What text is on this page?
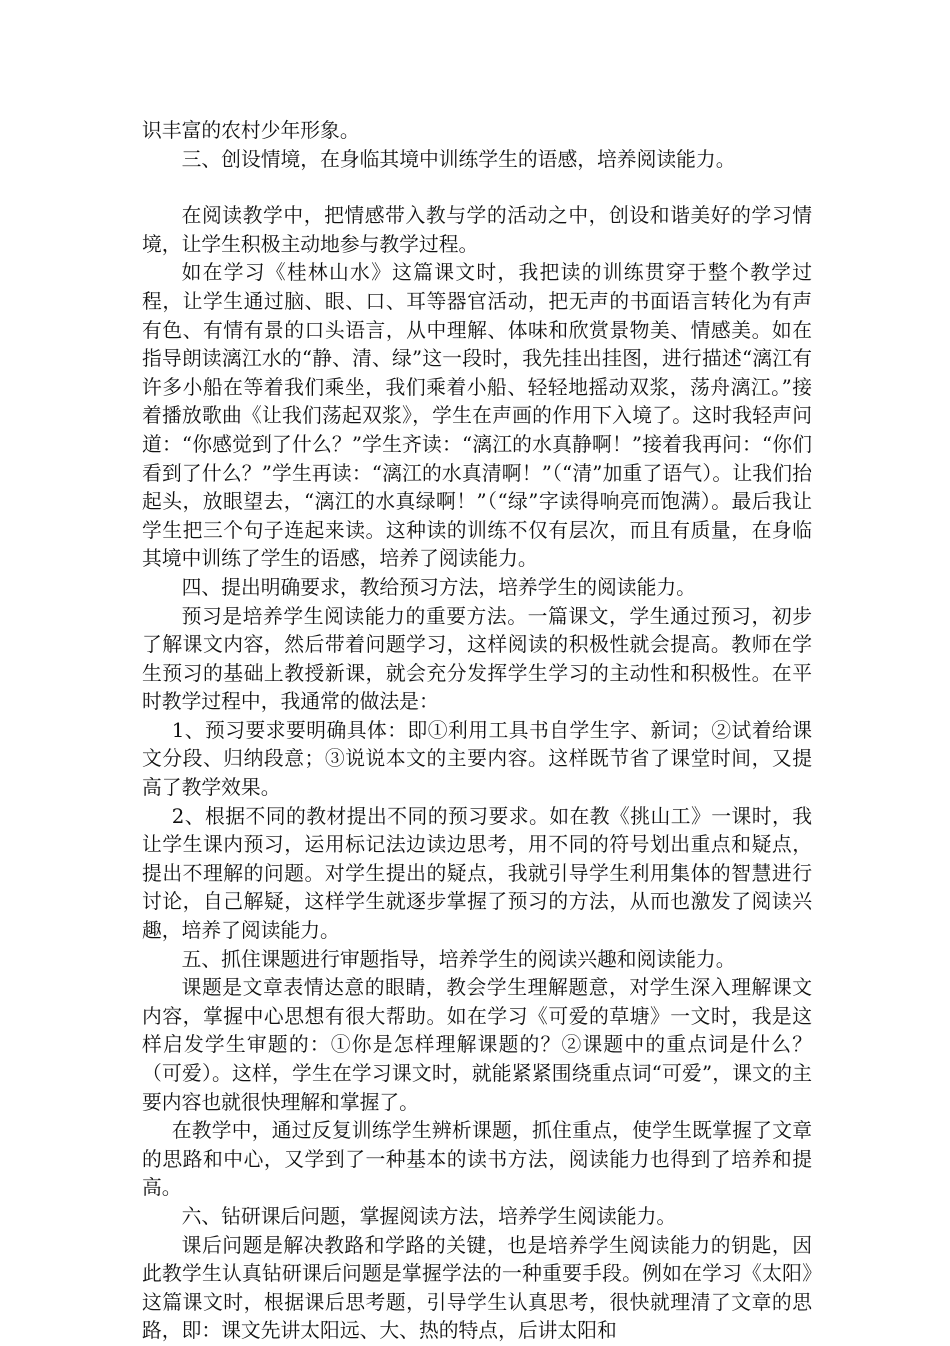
识丰富的农村少年形象。

三、创设情境，在身临其境中训练学生的语感，培养阅读能力。

在阅读教学中，把情感带入教与学的活动之中，创设和谐美好的学习情境，让学生积极主动地参与教学过程。

如在学习《桂林山水》这篇课文时，我把读的训练贯穿于整个教学过程，让学生通过脑、眼、口、耳等器官活动，把无声的书面语言转化为有声有色、有情有景的口头语言，从中理解、体味和欣赏景物美、情感美。如在指导朗读漓江水的“静、清、绿”这一段时，我先挂出挂图，进行描述“漓江有许多小船在等着我们乘坐，我们乘着小船、轻轻地摇动双浆，荡舟漓江。”接着播放歌曲《让我们荡起双浆》，学生在声画的作用下入境了。这时我轻声问道：“你感觉到了什么？”学生齐读：“漓江的水真静啊！”接着我再问：“你们看到了什么？”学生再读：“漓江的水真清啊！”（“清”加重了语气）。让我们抬起头，放眼望去，“漓江的水真绿啊！”（“绿”字读得响亮而饱满）。最后我让学生把三个句子连起来读。这种读的训练不仅有层次，而且有质量，在身临其境中训练了学生的语感，培养了阅读能力。

四、提出明确要求，教给预习方法，培养学生的阅读能力。

预习是培养学生阅读能力的重要方法。一篇课文，学生通过预习，初步了解课文内容，然后带着问题学习，这样阅读的积极性就会提高。教师在学生预习的基础上教授新课，就会充分发挥学生学习的主动性和积极性。在平时教学过程中，我通常的做法是：

1、预习要求要明确具体：即①利用工具书自学生字、新词；②试着给课文分段、归纳段意；③说说本文的主要内容。这样既节省了课堂时间，又提高了教学效果。

2、根据不同的教材提出不同的预习要求。如在教《挑山工》一课时，我让学生课内预习，运用标记法边读边思考，用不同的符号划出重点和疑点，提出不理解的问题。对学生提出的疑点，我就引导学生利用集体的智慧进行讨论，自己解疑，这样学生就逐步掌握了预习的方法，从而也激发了阅读兴趣，培养了阅读能力。

五、抓住课题进行审题指导，培养学生的阅读兴趣和阅读能力。

课题是文章表情达意的眼睛，教会学生理解题意，对学生深入理解课文内容，掌握中心思想有很大帮助。如在学习《可爱的草塘》一文时，我是这样启发学生审题的：①你是怎样理解课题的？②课题中的重点词是什么？（可爱）。这样，学生在学习课文时，就能紧紧围绕重点词“可爱”，课文的主要内容也就很快理解和掌握了。

在教学中，通过反复训练学生辨析课题，抓住重点，使学生既掌握了文章的思路和中心，又学到了一种基本的读书方法，阅读能力也得到了培养和提高。

六、钻研课后问题，掌握阅读方法，培养学生阅读能力。

课后问题是解决教路和学路的关键，也是培养学生阅读能力的钥匙，因此教学生认真钻研课后问题是掌握学法的一种重要手段。例如在学习《太阳》这篇课文时，根据课后思考题，引导学生认真思考，很快就理清了文章的思路，即：课文先讲太阳远、大、热的特点，后讲太阳和
